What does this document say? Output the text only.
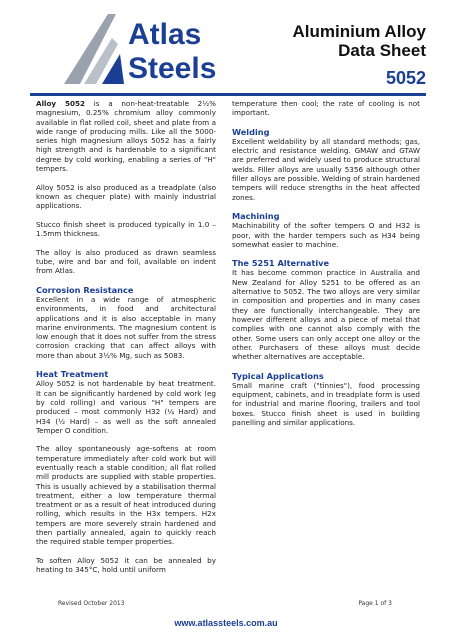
Atlas
Steels
Aluminium Alloy
Data Sheet
5052

Alloy 5052 is a non-heat-treatable 2½% magnesium, 0.25% chromium alloy commonly available in flat rolled coil, sheet and plate from a wide range of producing mills. Like all the 5000-series high magnesium alloys 5052 has a fairly high strength and is hardenable to a significant degree by cold working, enabling a series of "H" tempers.

Alloy 5052 is also produced as a treadplate (also known as chequer plate) with mainly industrial applications.

Stucco finish sheet is produced typically in 1.0 – 1.5mm thickness.

The alloy is also produced as drawn seamless tube, wire and bar and foil, available on indent from Atlas.

Corrosion Resistance

Excellent in a wide range of atmospheric environments, in food and architectural applications and it is also acceptable in many marine environments. The magnesium content is low enough that it does not suffer from the stress corrosion cracking that can affect alloys with more than about 3½% Mg, such as 5083.

Heat Treatment

Alloy 5052 is not hardenable by heat treatment. It can be significantly hardened by cold work (eg by cold rolling) and various "H" tempers are produced – most commonly H32 (¼ Hard) and H34 (½ Hard) – as well as the soft annealed Temper O condition.

The alloy spontaneously age-softens at room temperature immediately after cold work but will eventually reach a stable condition; all flat rolled mill products are supplied with stable properties. This is usually achieved by a stabilisation thermal treatment, either a low temperature thermal treatment or as a result of heat introduced during rolling, which results in the H3x tempers. H2x tempers are more severely strain hardened and then partially annealed, again to quickly reach the required stable temper properties.

To soften Alloy 5052 it can be annealed by heating to 345°C, hold until uniform

temperature then cool; the rate of cooling is not important.

Welding

Excellent weldability by all standard methods; gas, electric and resistance welding. GMAW and GTAW are preferred and widely used to produce structural welds. Filler alloys are usually 5356 although other filler alloys are possible. Welding of strain hardened tempers will reduce strengths in the heat affected zones.

Machining

Machinability of the softer tempers O and H32 is poor, with the harder tempers such as H34 being somewhat easier to machine.

The 5251 Alternative

It has become common practice in Australia and New Zealand for Alloy 5251 to be offered as an alternative to 5052. The two alloys are very similar in composition and properties and in many cases they are functionally interchangeable. They are however different alloys and a piece of metal that complies with one cannot also comply with the other. Some users can only accept one alloy or the other. Purchasers of these alloys must decide whether alternatives are acceptable.

Typical Applications

Small marine craft ("tinnies"), food processing equipment, cabinets, and in treadplate form is used for industrial and marine flooring, trailers and tool boxes. Stucco finish sheet is used in building panelling and similar applications.

Revised October 2013	Page 1 of 3
www.atlassteels.com.au
